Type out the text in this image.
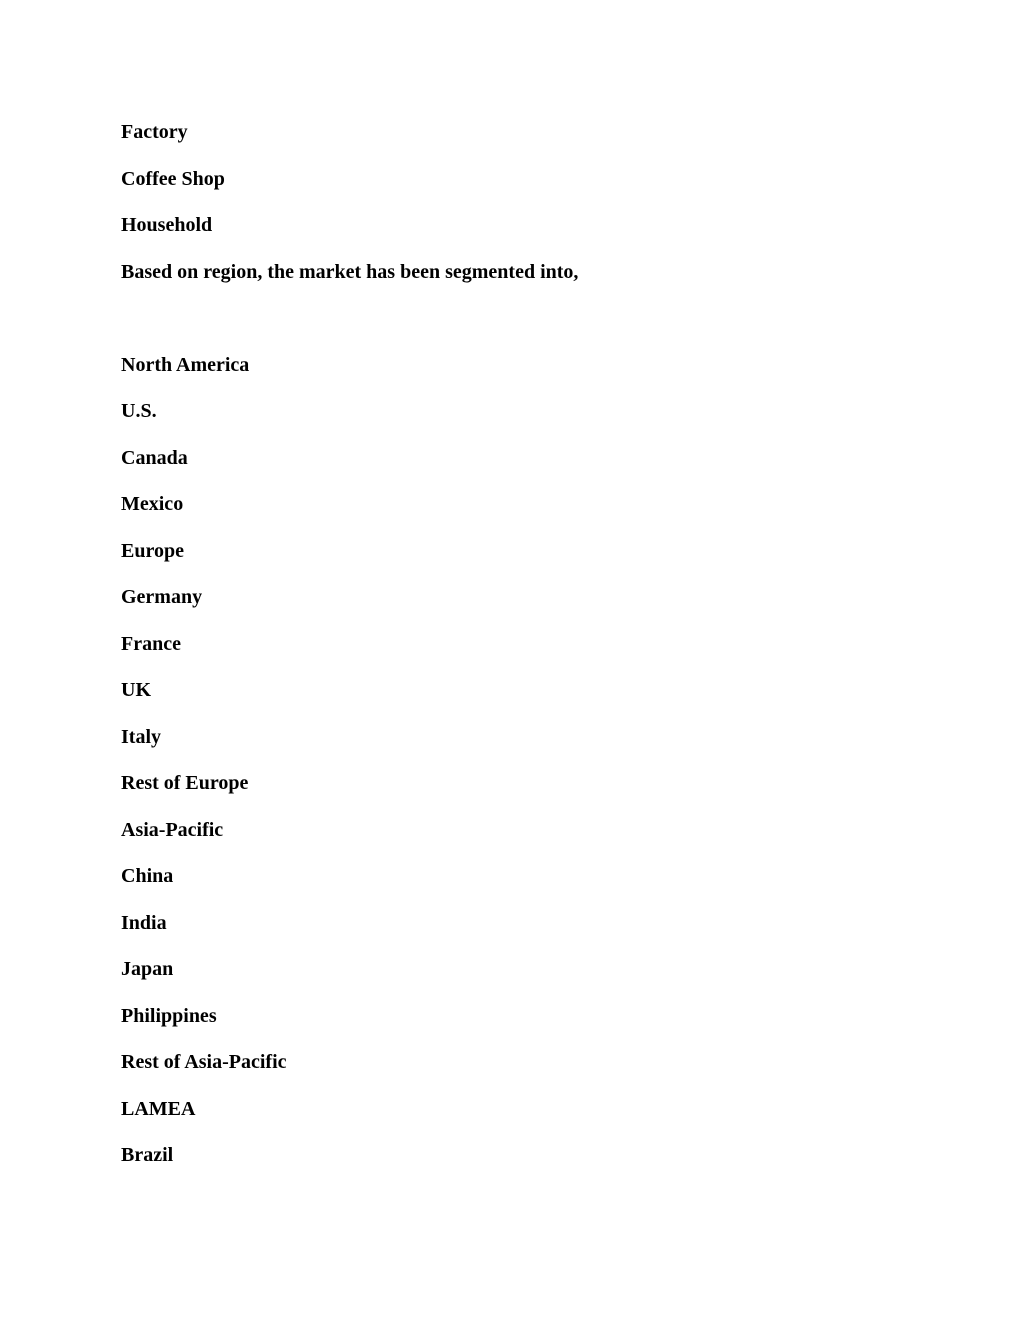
Factory
Coffee Shop
Household
Based on region, the market has been segmented into,
North America
U.S.
Canada
Mexico
Europe
Germany
France
UK
Italy
Rest of Europe
Asia-Pacific
China
India
Japan
Philippines
Rest of Asia-Pacific
LAMEA
Brazil
